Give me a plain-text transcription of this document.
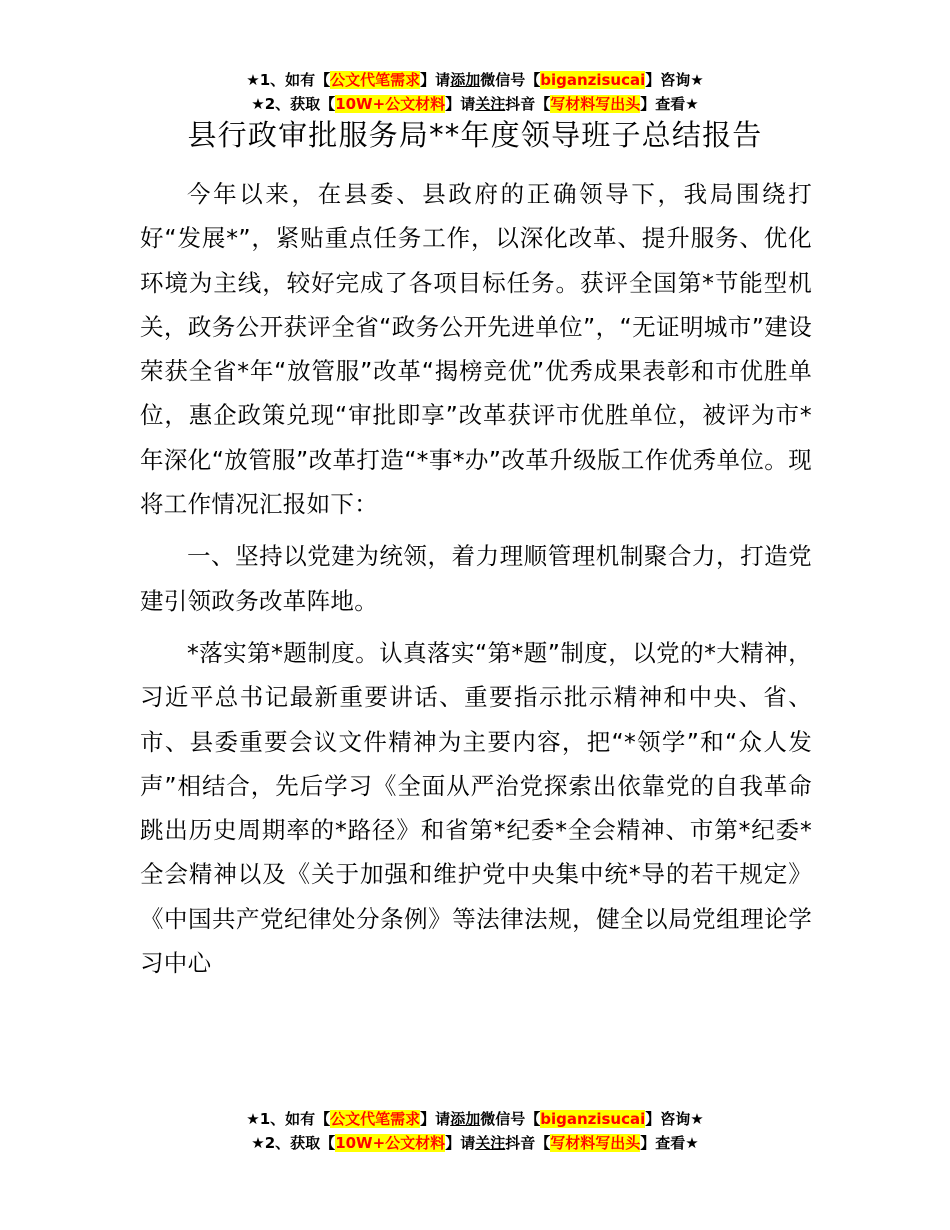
★1、如有【公文代笔需求】请添加微信号【biganzisucai】咨询★
★2、获取【10W+公文材料】请关注抖音【写材料写出头】查看★
县行政审批服务局**年度领导班子总结报告

今年以来，在县委、县政府的正确领导下，我局围绕打好“发展*”，紧贴重点任务工作，以深化改革、提升服务、优化环境为主线，较好完成了各项目标任务。获评全国第*节能型机关，政务公开获评全省“政务公开先进单位”，“无证明城市”建设荣获全省*年“放管服”改革“揭榜竞优”优秀成果表彰和市优胜单位，惠企政策兑现“审批即享”改革获评市优胜单位，被评为市*年深化“放管服”改革打造“*事*办”改革升级版工作优秀单位。现将工作情况汇报如下：

一、坚持以党建为统领，着力理顺管理机制聚合力，打造党建引领政务改革阵地。

*落实第*题制度。认真落实“第*题”制度，以党的*大精神，习近平总书记最新重要讲话、重要指示批示精神和中央、省、市、县委重要会议文件精神为主要内容，把“*领学”和“众人发声”相结合，先后学习《全面从严治党探索出依靠党的自我革命跳出历史周期率的*路径》和省第*纪委*全会精神、市第*纪委*全会精神以及《关于加强和维护党中央集中统*导的若干规定》《中国共产党纪律处分条例》等法律法规，健全以局党组理论学习中心

★1、如有【公文代笔需求】请添加微信号【biganzisucai】咨询★
★2、获取【10W+公文材料】请关注抖音【写材料写出头】查看★
